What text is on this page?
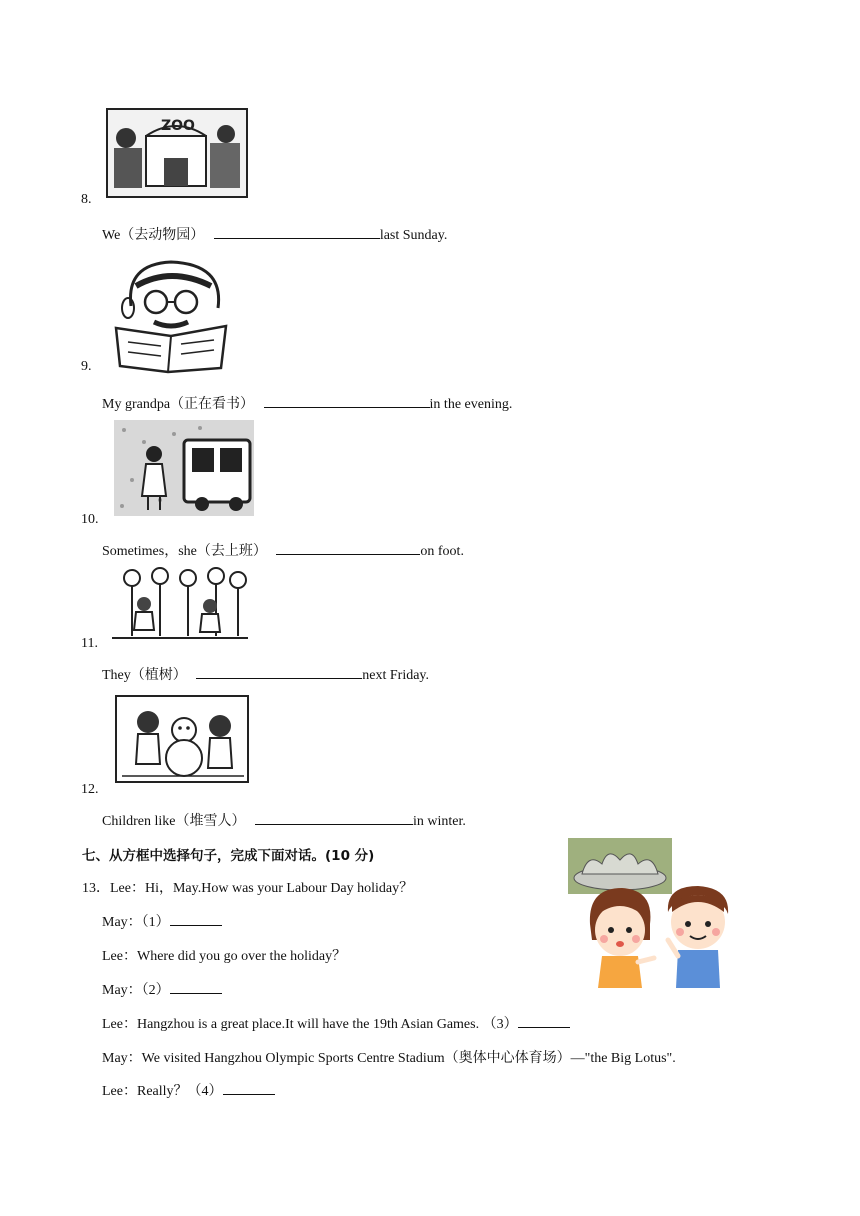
ZOO
8.
We（去动物园）	last Sunday.
9.
My grandpa（正在看书）	in the evening.
10.
Sometimes，she（去上班）	on foot.
11.
They（植树）	next Friday.
12.
Children like（堆雪人）	in winter.
七、从方框中选择句子，完成下面对话。(10 分)
13．Lee：Hi，May.How was your Labour Day holiday？
May：（1）
Lee：Where did you go over the holiday？
May：（2）
Lee：Hangzhou is a great place.It will have the 19th Asian Games. （3）
May：We visited Hangzhou Olympic Sports Centre Stadium（奥体中心体育场）—"the Big Lotus".
Lee：Really？（4）
